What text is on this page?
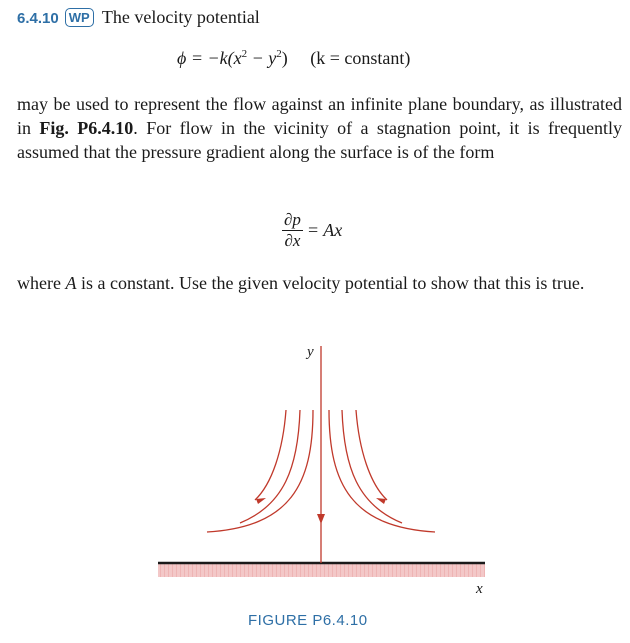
6.4.10 WP The velocity potential
$\phi = -k(x^2 - y^2) (k$ = constant)
may be used to represent the flow against an infinite plane boundary, as illustrated in Fig. P6.4.10. For flow in the vicinity of a stagnation point, it is frequently assumed that the pressure gradient along the surface is of the form
$\frac{\partial p}{\partial x} = Ax$
where A is a constant. Use the given velocity potential to show that this is true.
y
x
FIGURE P6.4.10
